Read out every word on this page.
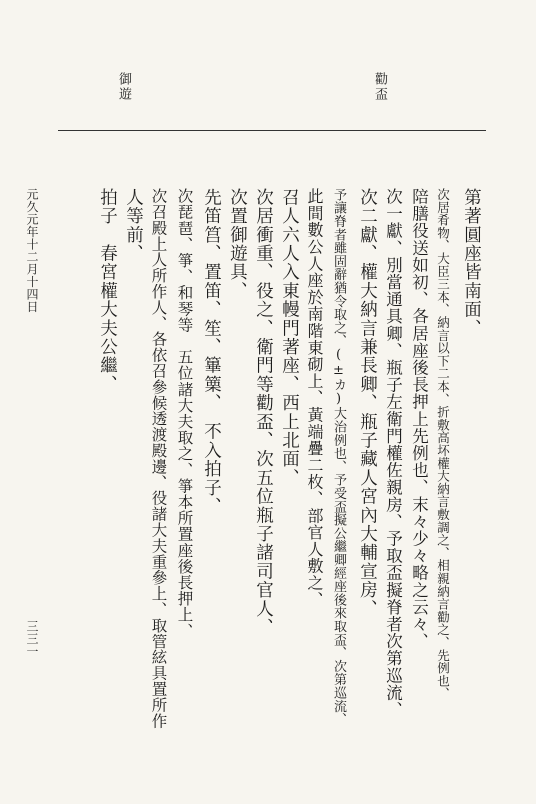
勸盃
御遊
第著圓座皆南面、
次居肴物、大臣三本、納言以下二本、折敷高坏權大納言敷調之、相親納言勸之、先例也、
陪膳役送如初、各居座後長押上先例也、末々少々略之云々、
次一獻、別當通具卿、瓶子左衛門權佐親房、予取盃擬脊者次第巡流、
次二獻、權大納言兼長卿、瓶子藏人宮內大輔宣房、
予讓脊者雖固辭猶令取之、(±カ)大治例也、予受盃擬公繼卿經座後來取盃、次第巡流、
此間數公人座於南階東砌上、黃端疊二枚、部官人敷之、
召人六人入東幔門著座、西上北面、
次居衝重、役之、衛門等勸盃、次五位瓶子諸司官人、
次置御遊具、
先笛筥、置笛、笙、篳篥、　不入拍子、
次琵琶、箏、和琴等　五位諸大夫取之、箏本所置座後長押上、
次召殿上人所作人、各依召參候透渡殿邊、役諸大夫重參上、取管絃具置所作
人等前、
拍子　春宮權大夫公繼、
元久元年十二月十四日
三三一
